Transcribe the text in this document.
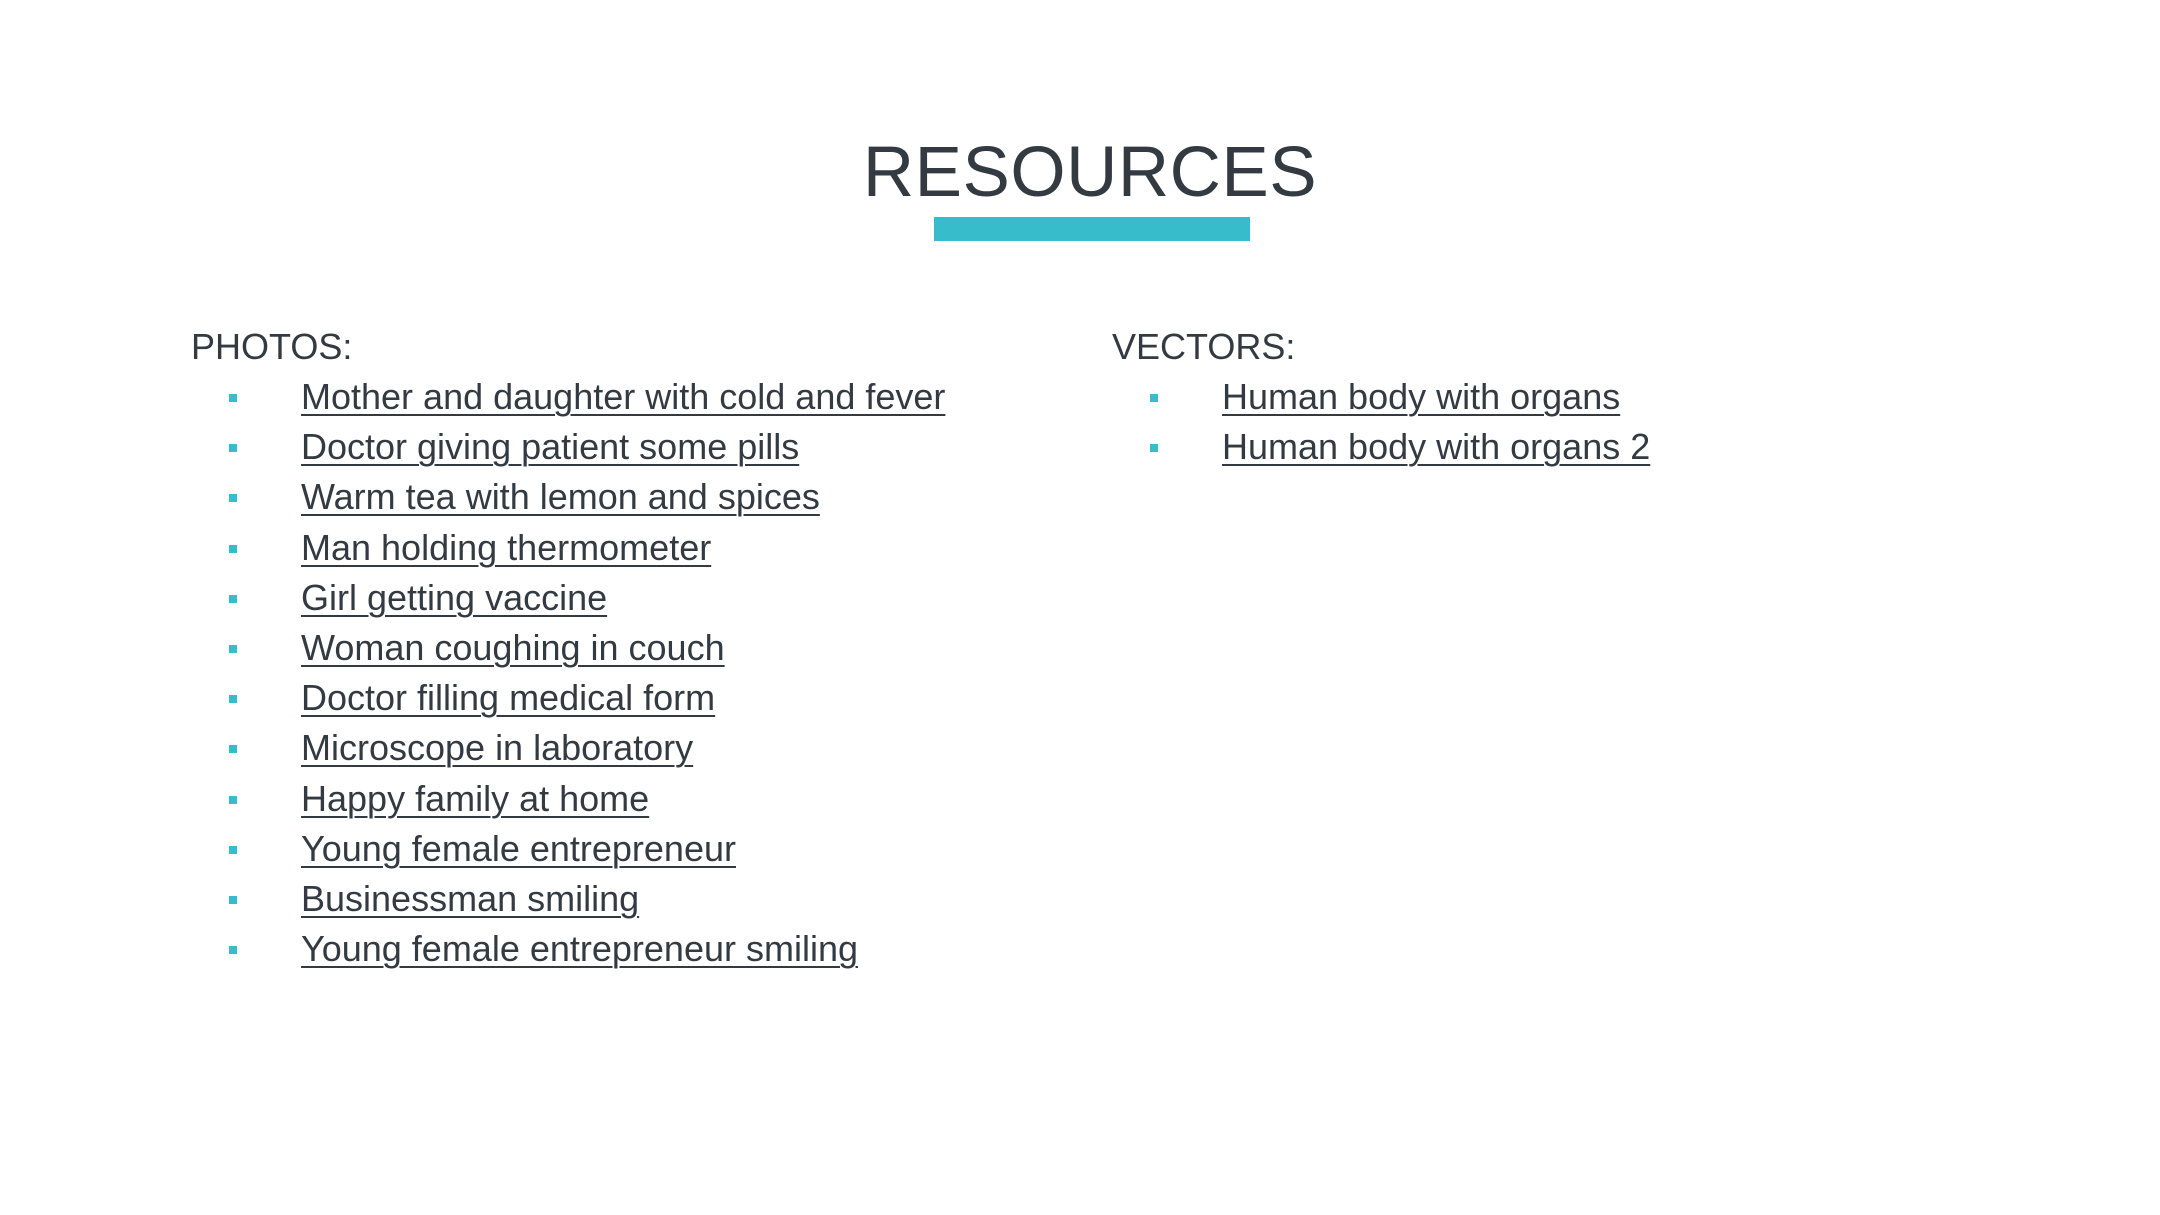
RESOURCES

PHOTOS:

Mother and daughter with cold and fever
Doctor giving patient some pills
Warm tea with lemon and spices
Man holding thermometer
Girl getting vaccine
Woman coughing in couch
Doctor filling medical form
Microscope in laboratory
Happy family at home
Young female entrepreneur
Businessman smiling
Young female entrepreneur smiling

VECTORS:

Human body with organs
Human body with organs 2
